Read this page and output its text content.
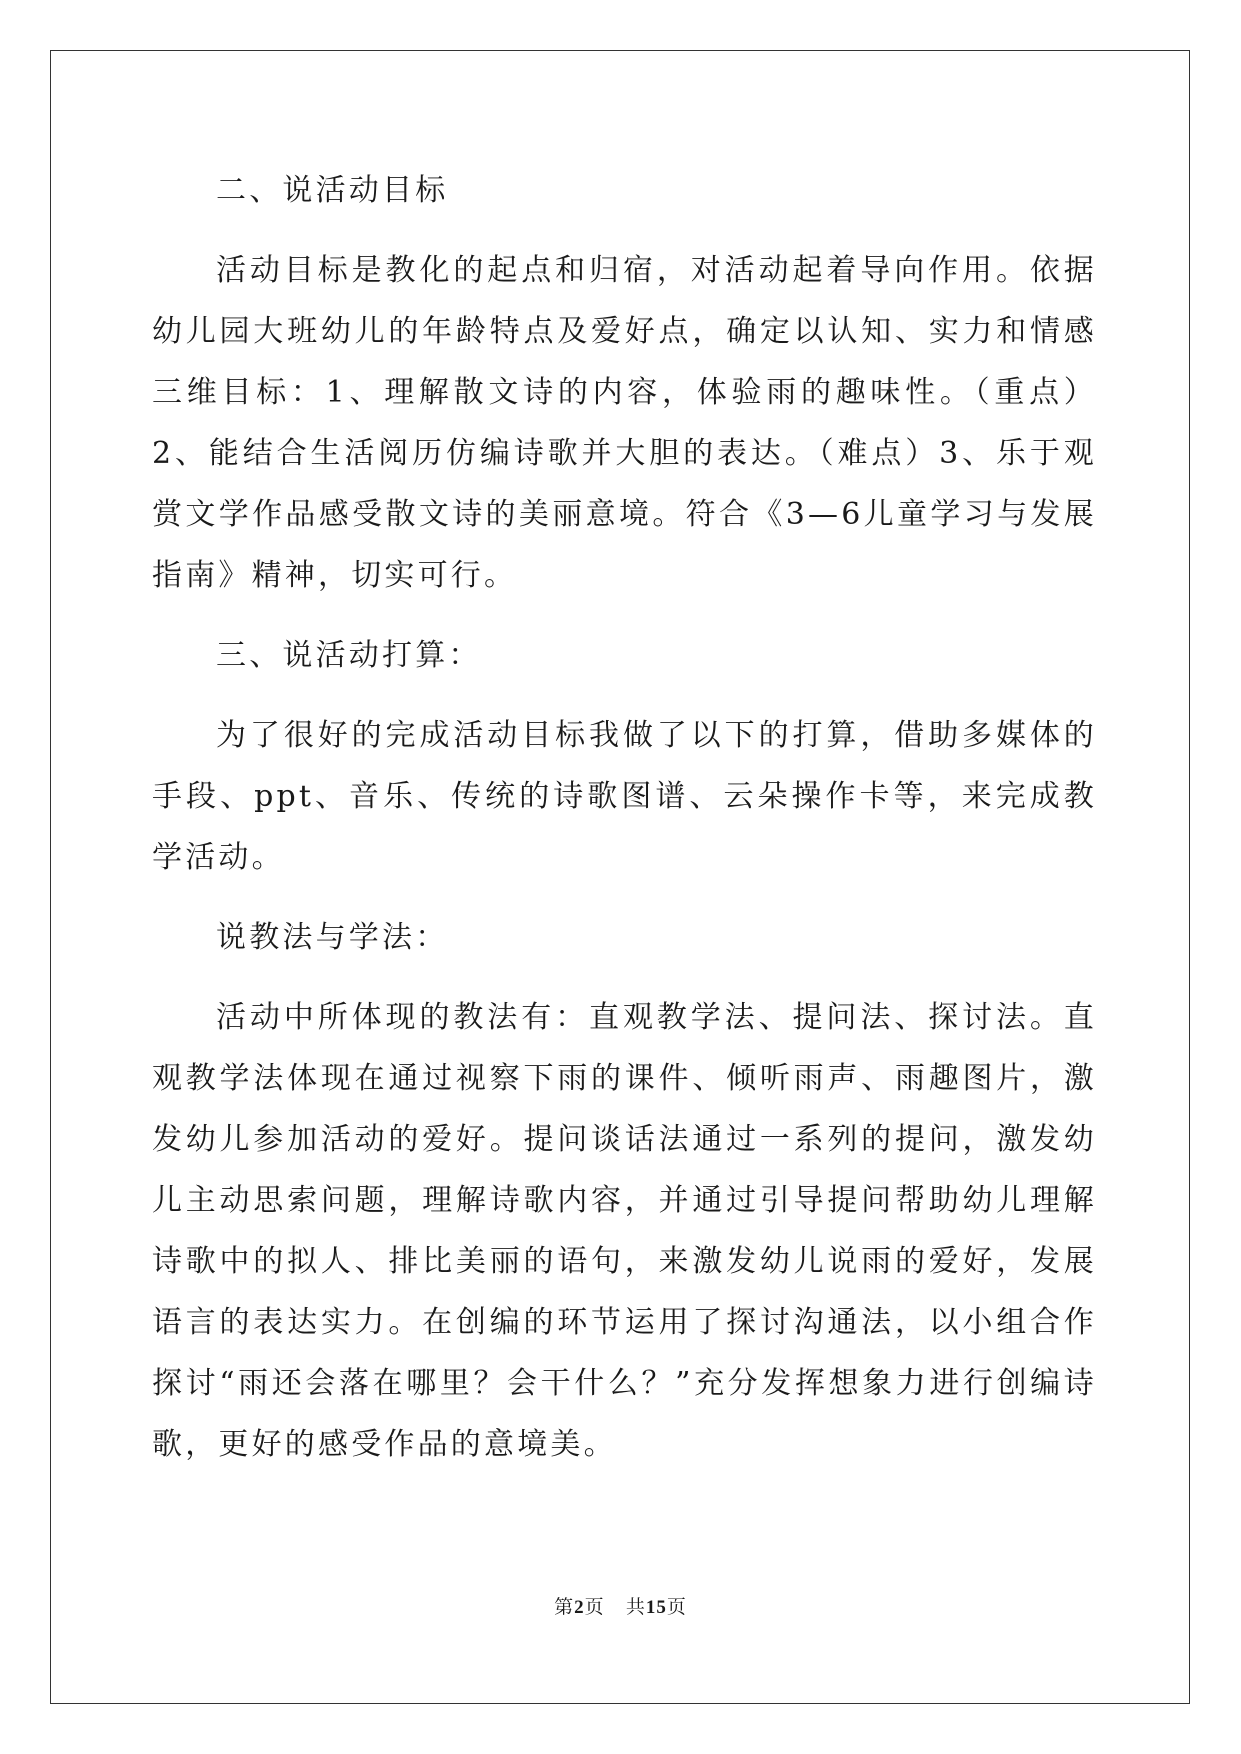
二、说活动目标

活动目标是教化的起点和归宿，对活动起着导向作用。依据幼儿园大班幼儿的年龄特点及爱好点，确定以认知、实力和情感三维目标：1、理解散文诗的内容，体验雨的趣味性。（重点）2、能结合生活阅历仿编诗歌并大胆的表达。（难点）3、乐于观赏文学作品感受散文诗的美丽意境。符合《3—6儿童学习与发展指南》精神，切实可行。

三、说活动打算：

为了很好的完成活动目标我做了以下的打算，借助多媒体的手段、ppt、音乐、传统的诗歌图谱、云朵操作卡等，来完成教学活动。

说教法与学法：

活动中所体现的教法有：直观教学法、提问法、探讨法。直观教学法体现在通过视察下雨的课件、倾听雨声、雨趣图片，激发幼儿参加活动的爱好。提问谈话法通过一系列的提问，激发幼儿主动思索问题，理解诗歌内容，并通过引导提问帮助幼儿理解诗歌中的拟人、排比美丽的语句，来激发幼儿说雨的爱好，发展语言的表达实力。在创编的环节运用了探讨沟通法，以小组合作探讨“雨还会落在哪里？会干什么？”充分发挥想象力进行创编诗歌，更好的感受作品的意境美。

第2页 共15页
